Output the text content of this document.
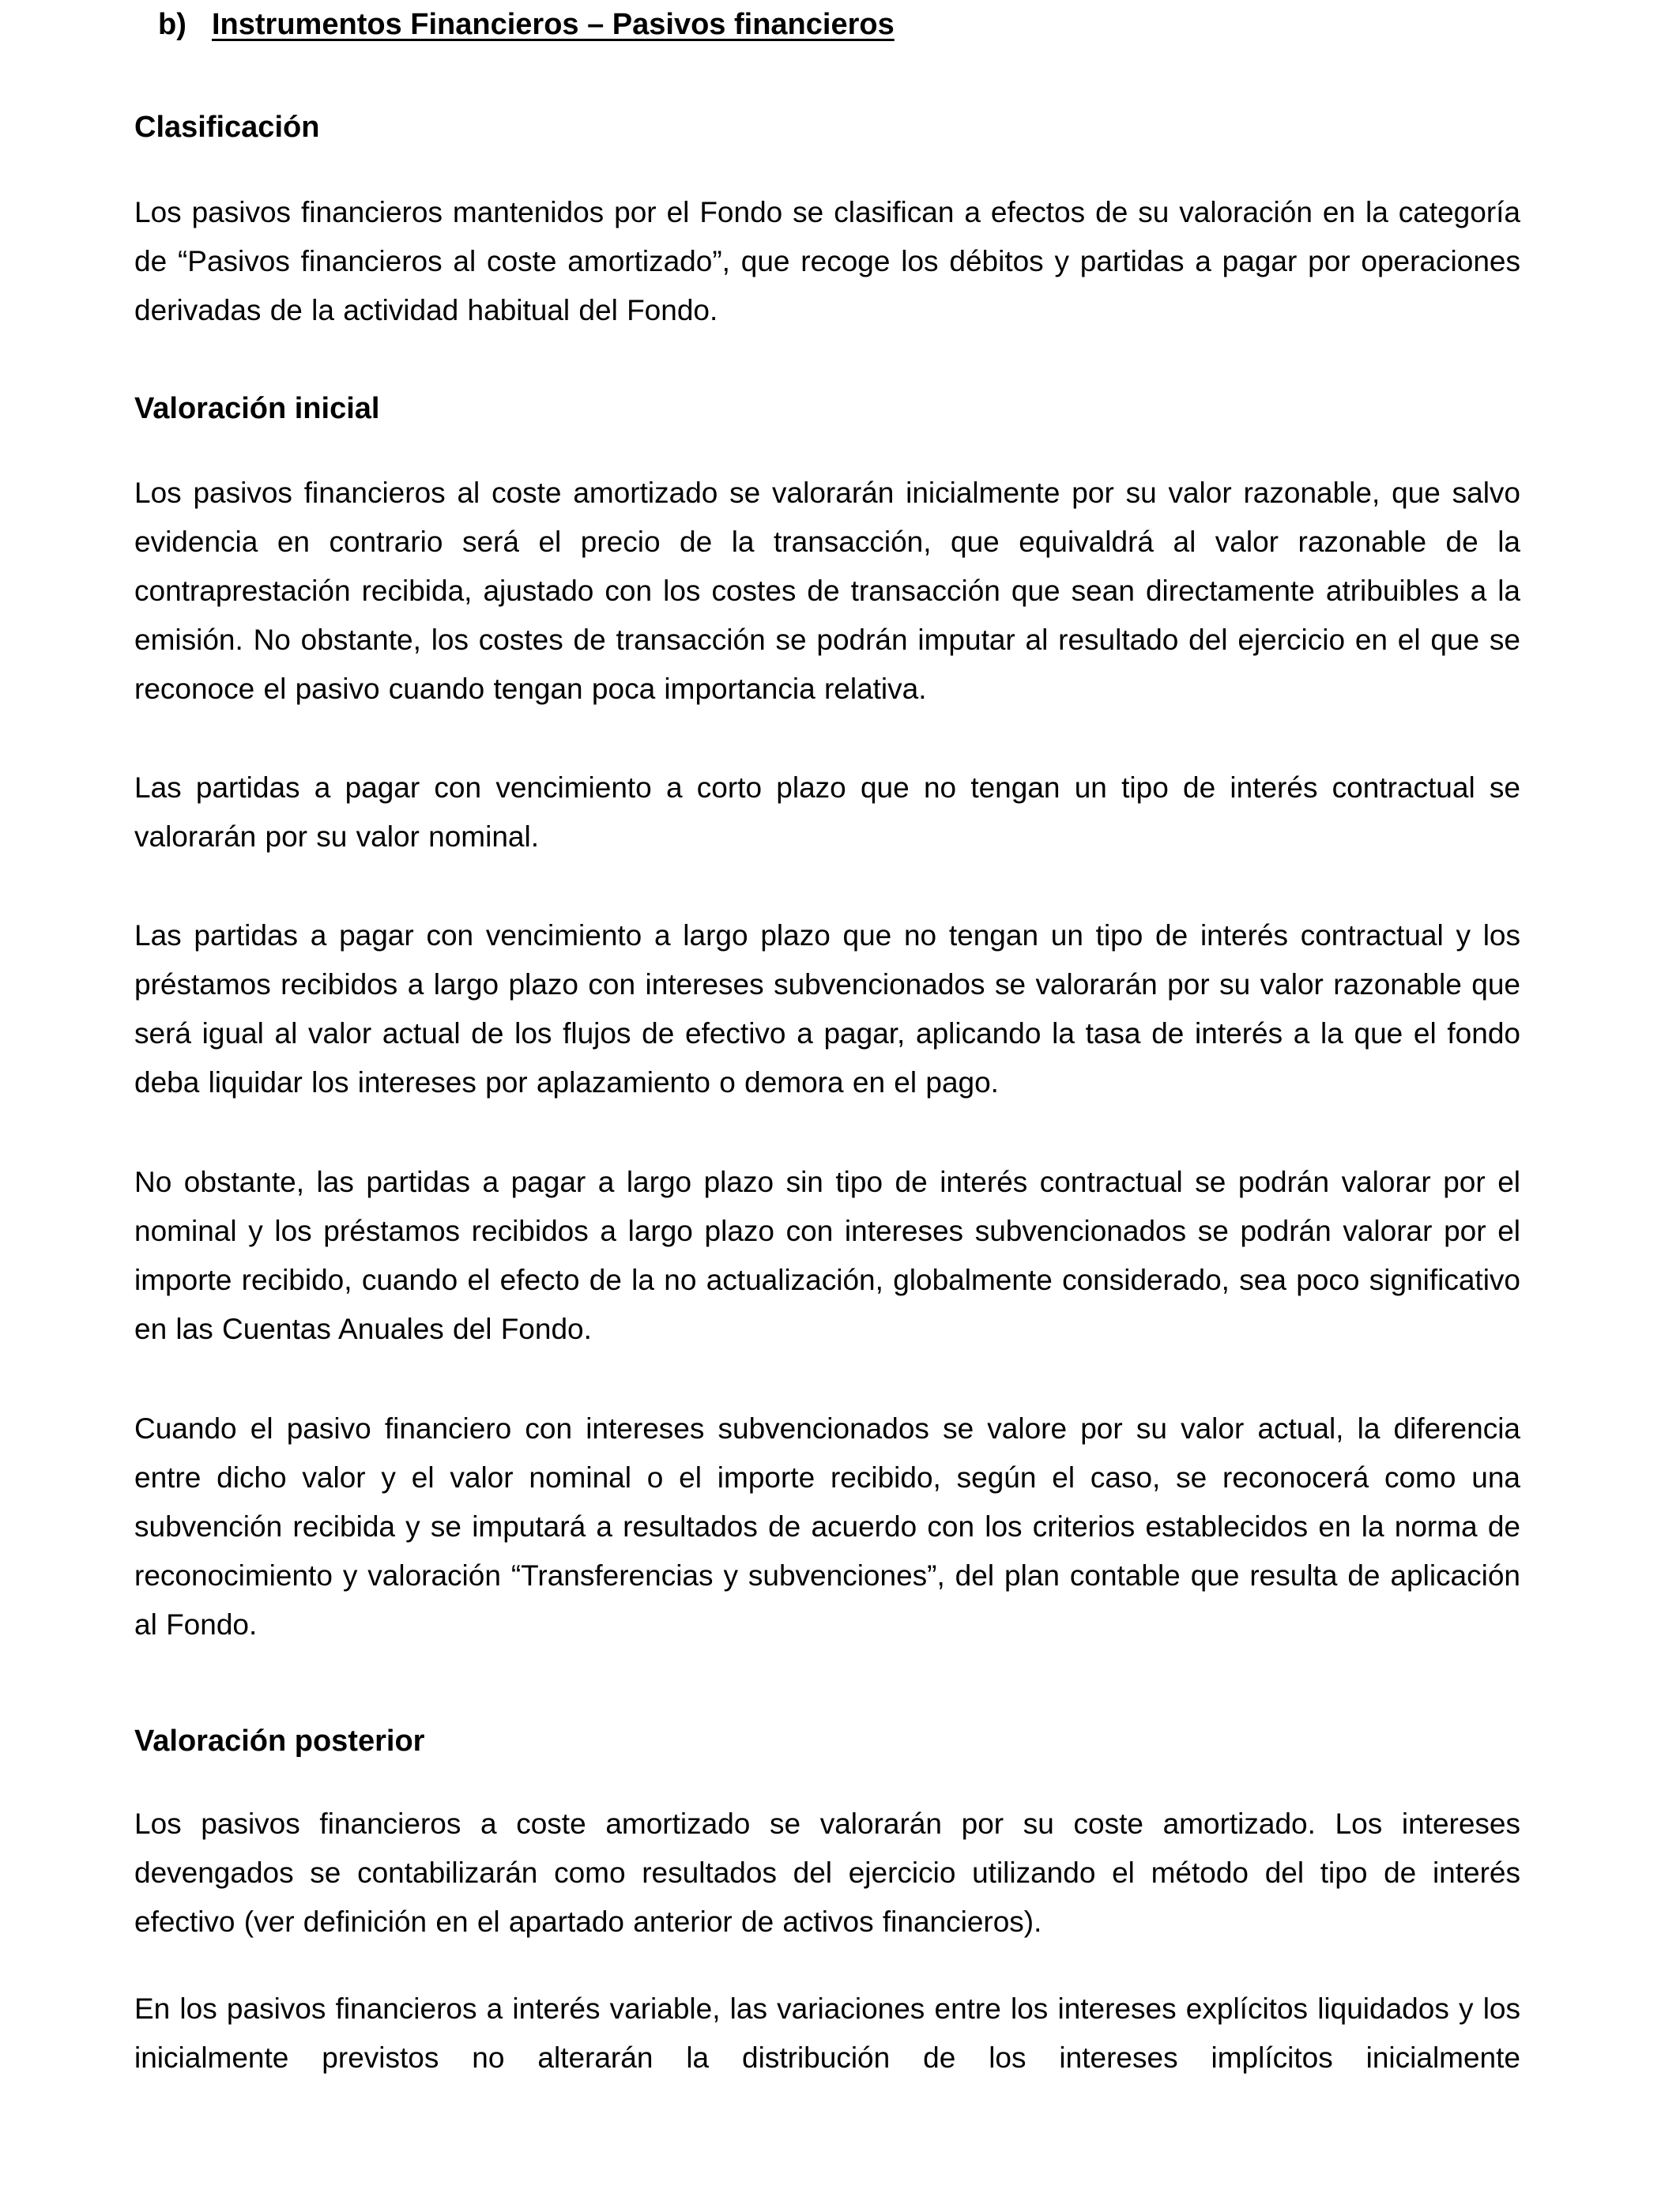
b) Instrumentos Financieros – Pasivos financieros
Clasificación

Los pasivos financieros mantenidos por el Fondo se clasifican a efectos de su valoración en la categoría de “Pasivos financieros al coste amortizado”, que recoge los débitos y partidas a pagar por operaciones derivadas de la actividad habitual del Fondo.

Valoración inicial

Los pasivos financieros al coste amortizado se valorarán inicialmente por su valor razonable, que salvo evidencia en contrario será el precio de la transacción, que equivaldrá al valor razonable de la contraprestación recibida, ajustado con los costes de transacción que sean directamente atribuibles a la emisión. No obstante, los costes de transacción se podrán imputar al resultado del ejercicio en el que se reconoce el pasivo cuando tengan poca importancia relativa.

Las partidas a pagar con vencimiento a corto plazo que no tengan un tipo de interés contractual se valorarán por su valor nominal.

Las partidas a pagar con vencimiento a largo plazo que no tengan un tipo de interés contractual y los préstamos recibidos a largo plazo con intereses subvencionados se valorarán por su valor razonable que será igual al valor actual de los flujos de efectivo a pagar, aplicando la tasa de interés a la que el fondo deba liquidar los intereses por aplazamiento o demora en el pago.

No obstante, las partidas a pagar a largo plazo sin tipo de interés contractual se podrán valorar por el nominal y los préstamos recibidos a largo plazo con intereses subvencionados se podrán valorar por el importe recibido, cuando el efecto de la no actualización, globalmente considerado, sea poco significativo en las Cuentas Anuales del Fondo.

Cuando el pasivo financiero con intereses subvencionados se valore por su valor actual, la diferencia entre dicho valor y el valor nominal o el importe recibido, según el caso, se reconocerá como una subvención recibida y se imputará a resultados de acuerdo con los criterios establecidos en la norma de reconocimiento y valoración “Transferencias y subvenciones”, del plan contable que resulta de aplicación al Fondo.

Valoración posterior

Los pasivos financieros a coste amortizado se valorarán por su coste amortizado. Los intereses devengados se contabilizarán como resultados del ejercicio utilizando el método del tipo de interés efectivo (ver definición en el apartado anterior de activos financieros).

En los pasivos financieros a interés variable, las variaciones entre los intereses explícitos liquidados y los inicialmente previstos no alterarán la distribución de los intereses implícitos inicialmente
